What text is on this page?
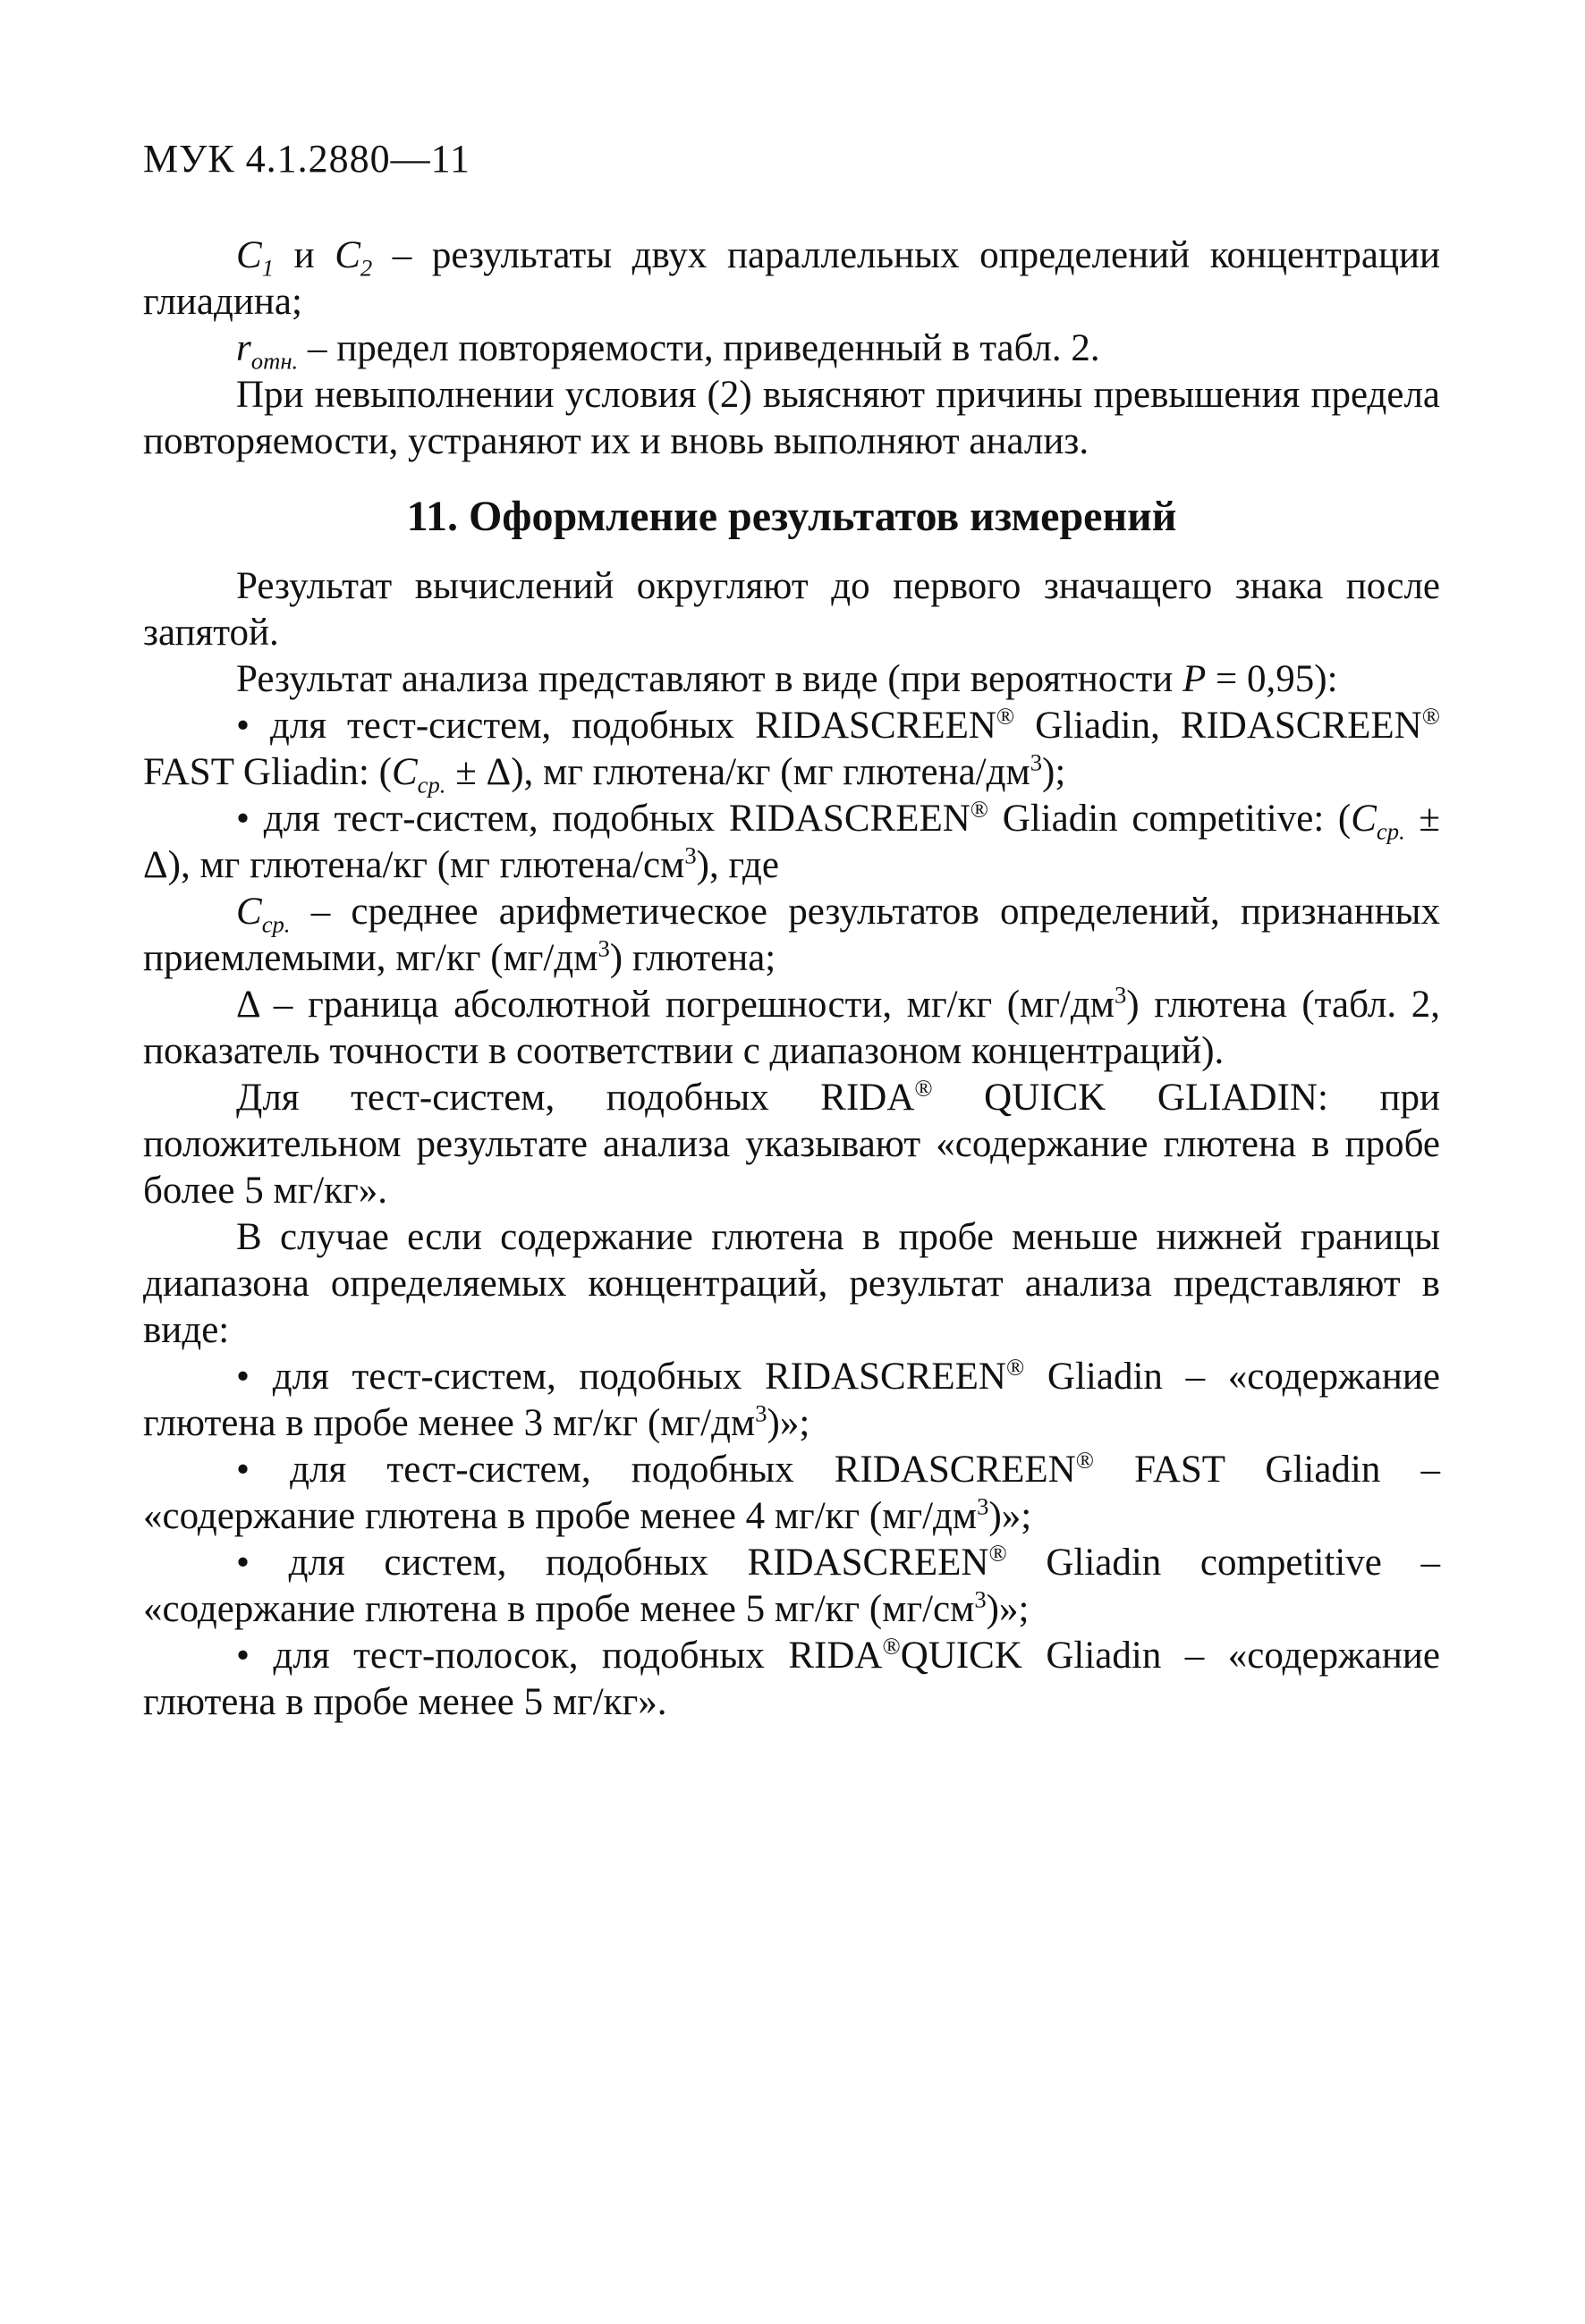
МУК 4.1.2880—11

$C_1$ и $C_2$ – результаты двух параллельных определений концентрации глиадина;

$r_{отн.}$ – предел повторяемости, приведенный в табл. 2.

При невыполнении условия (2) выясняют причины превышения предела повторяемости, устраняют их и вновь выполняют анализ.

11. Оформление результатов измерений

Результат вычислений округляют до первого значащего знака после запятой.

Результат анализа представляют в виде (при вероятности P = 0,95):

• для тест-систем, подобных RIDASCREEN® Gliadin, RIDASCREEN® FAST Gliadin: $(C_{ср.} \pm \Delta)$, мг глютена/кг (мг глютена/$дм^3$);

• для тест-систем, подобных RIDASCREEN® Gliadin competitive: $(C_{ср.} \pm \Delta)$, мг глютена/кг (мг глютена/$см^3$), где

$C_{ср.}$ – среднее арифметическое результатов определений, признанных приемлемыми, мг/кг $(мг/дм^3)$ глютена;

Δ – граница абсолютной погрешности, мг/кг $(мг/дм^3)$ глютена (табл. 2, показатель точности в соответствии с диапазоном концентраций).

Для тест-систем, подобных RIDA® QUICK GLIADIN: при положительном результате анализа указывают «содержание глютена в пробе более 5 мг/кг».

В случае если содержание глютена в пробе меньше нижней границы диапазона определяемых концентраций, результат анализа представляют в виде:

• для тест-систем, подобных RIDASCREEN® Gliadin – «содержание глютена в пробе менее 3 мг/кг $(мг/дм^3)$»;

• для тест-систем, подобных RIDASCREEN® FAST Gliadin – «содержание глютена в пробе менее 4 мг/кг $(мг/дм^3)$»;

• для систем, подобных RIDASCREEN® Gliadin competitive – «содержание глютена в пробе менее 5 мг/кг $(мг/см^3)$»;

• для тест-полосок, подобных RIDA®QUICK Gliadin – «содержание глютена в пробе менее 5 мг/кг».
